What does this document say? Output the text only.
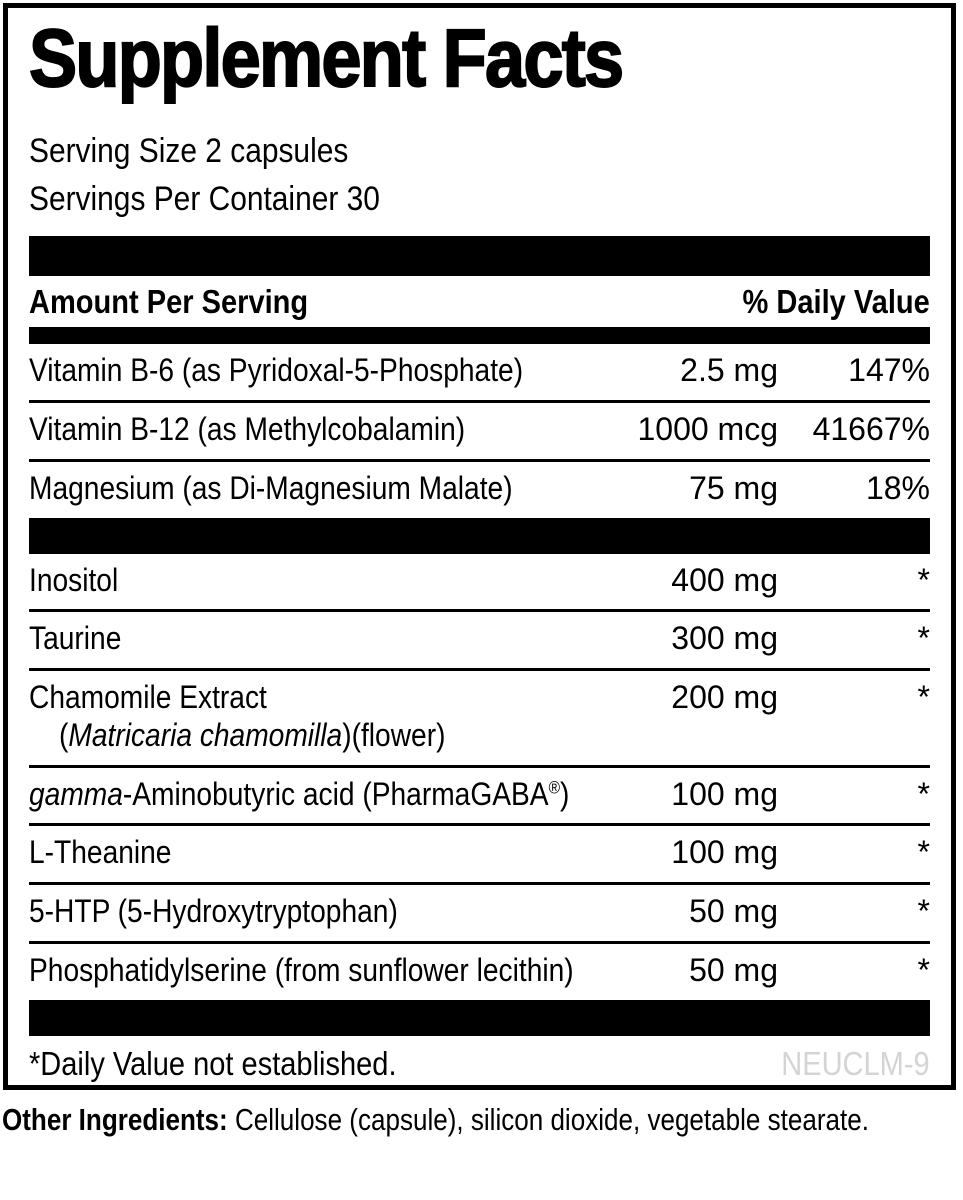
Supplement Facts
Serving Size 2 capsules
Servings Per Container 30
Amount Per Serving	% Daily Value
Vitamin B-6 (as Pyridoxal-5-Phosphate)	2.5 mg	147%
Vitamin B-12 (as Methylcobalamin)	1000 mcg	41667%
Magnesium (as Di-Magnesium Malate)	75 mg	18%
Inositol	400 mg	*
Taurine	300 mg	*
Chamomile Extract
(Matricaria chamomilla)(flower)
200 mg	*
gamma-Aminobutyric acid (PharmaGABA®)	100 mg	*
L-Theanine	100 mg	*
5-HTP (5-Hydroxytryptophan)	50 mg	*
Phosphatidylserine (from sunflower lecithin)	50 mg	*
*Daily Value not established.	NEUCLM-9
Other Ingredients: Cellulose (capsule), silicon dioxide, vegetable stearate.
